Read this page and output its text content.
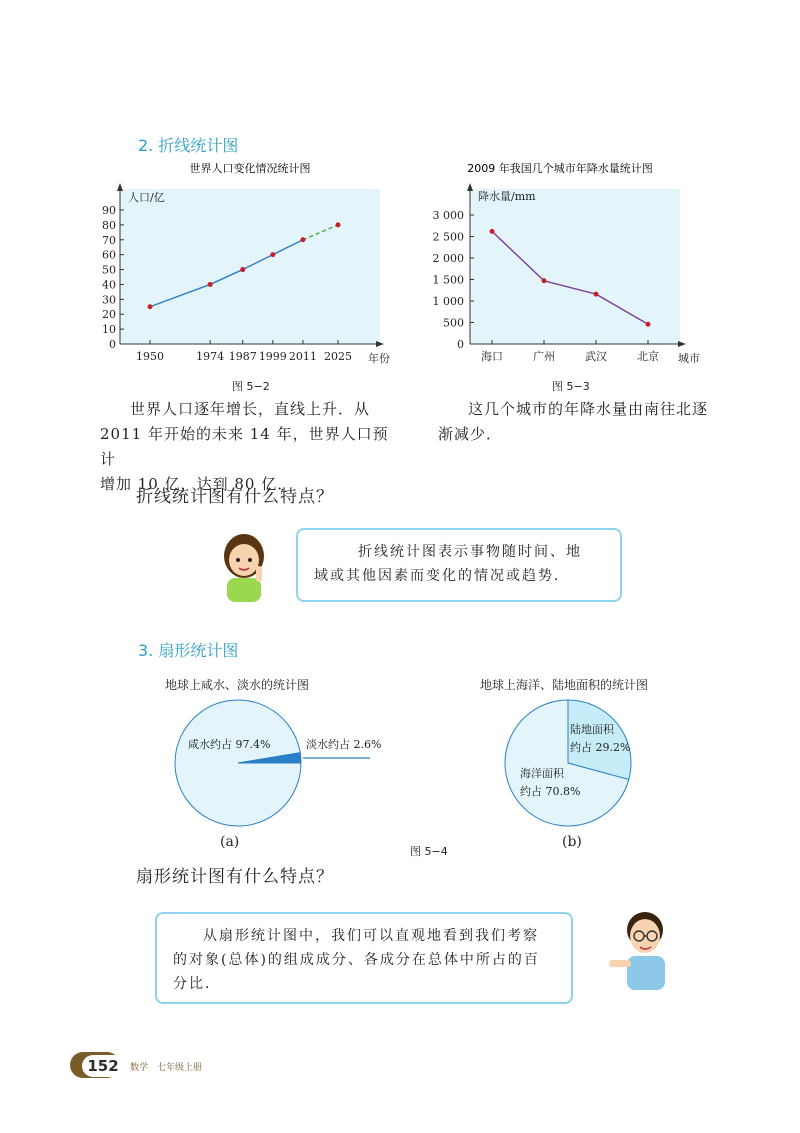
2. 折线统计图
世界人口变化情况统计图
0
10
20
30
40
50
60
70
80
90
1950	1974 1987 1999 2011 2025
人口/亿
年份
图 5−2
2009 年我国几个城市年降水量统计图
0
500
1 000
1 500
2 000
2 500
3 000
海口	广州	武汉	北京
降水量/mm
城市
图 5−3
世界人口逐年增长，直线上升．从
2011 年开始的未来 14 年，世界人口预计
增加 10 亿，达到 80 亿．
这几个城市的年降水量由南往北逐
渐减少．
折线统计图有什么特点？
折线统计图表示事物随时间、地
域或其他因素而变化的情况或趋势．
3. 扇形统计图
地球上咸水、淡水的统计图	地球上海洋、陆地面积的统计图
咸水约占 97.4%	淡水约占 2.6%
(a)
陆地面积
约占 29.2%
海洋面积
约占 70.8%
(b)
图 5−4
扇形统计图有什么特点？
从扇形统计图中，我们可以直观地看到我们考察
的对象(总体)的组成成分、各成分在总体中所占的百
分比．
152	数学　七年级上册
